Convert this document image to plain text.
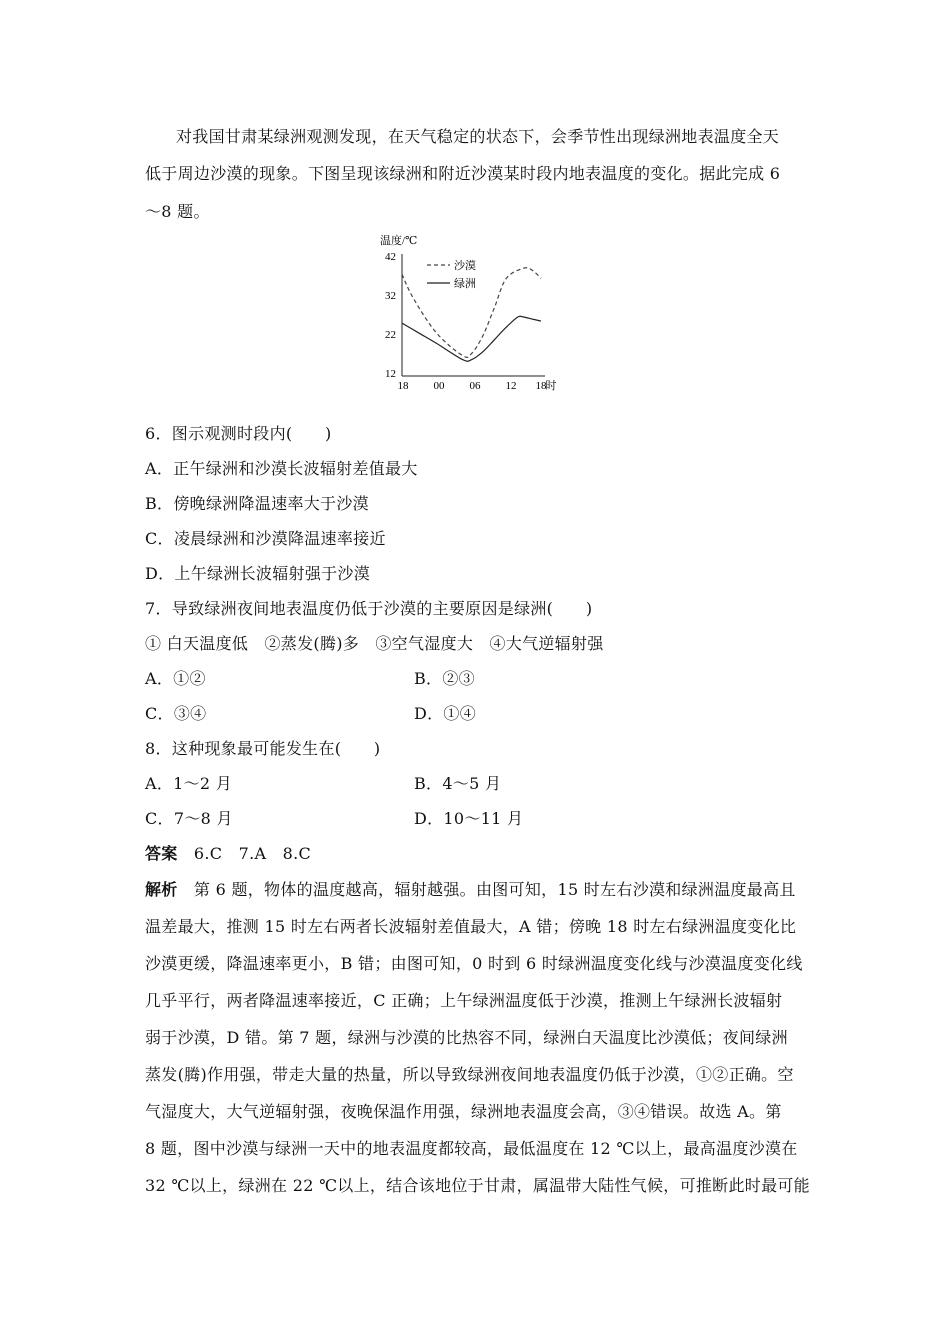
对我国甘肃某绿洲观测发现，在天气稳定的状态下，会季节性出现绿洲地表温度全天
低于周边沙漠的现象。下图呈现该绿洲和附近沙漠某时段内地表温度的变化。据此完成 6
～8 题。
温度/℃
42
32
22
12
18 00 06 12 18 时
沙漠
绿洲
6．图示观测时段内(　　)
A．正午绿洲和沙漠长波辐射差值最大
B．傍晚绿洲降温速率大于沙漠
C．凌晨绿洲和沙漠降温速率接近
D．上午绿洲长波辐射强于沙漠
7．导致绿洲夜间地表温度仍低于沙漠的主要原因是绿洲(　　)
① 白天温度低　②蒸发(腾)多　③空气湿度大　④大气逆辐射强
A．①②	B．②③
C．③④	D．①④
8．这种现象最可能发生在(　　)
A．1～2 月	B．4～5 月
C．7～8 月	D．10～11 月
答案　6.C　7.A　8.C
解析　第 6 题，物体的温度越高，辐射越强。由图可知，15 时左右沙漠和绿洲温度最高且
温差最大，推测 15 时左右两者长波辐射差值最大，A 错；傍晚 18 时左右绿洲温度变化比
沙漠更缓，降温速率更小，B 错；由图可知，0 时到 6 时绿洲温度变化线与沙漠温度变化线
几乎平行，两者降温速率接近，C 正确；上午绿洲温度低于沙漠，推测上午绿洲长波辐射
弱于沙漠，D 错。第 7 题，绿洲与沙漠的比热容不同，绿洲白天温度比沙漠低；夜间绿洲
蒸发(腾)作用强，带走大量的热量，所以导致绿洲夜间地表温度仍低于沙漠，①②正确。空
气湿度大，大气逆辐射强，夜晚保温作用强，绿洲地表温度会高，③④错误。故选 A。第
8 题，图中沙漠与绿洲一天中的地表温度都较高，最低温度在 12 ℃以上，最高温度沙漠在
32 ℃以上，绿洲在 22 ℃以上，结合该地位于甘肃，属温带大陆性气候，可推断此时最可能
